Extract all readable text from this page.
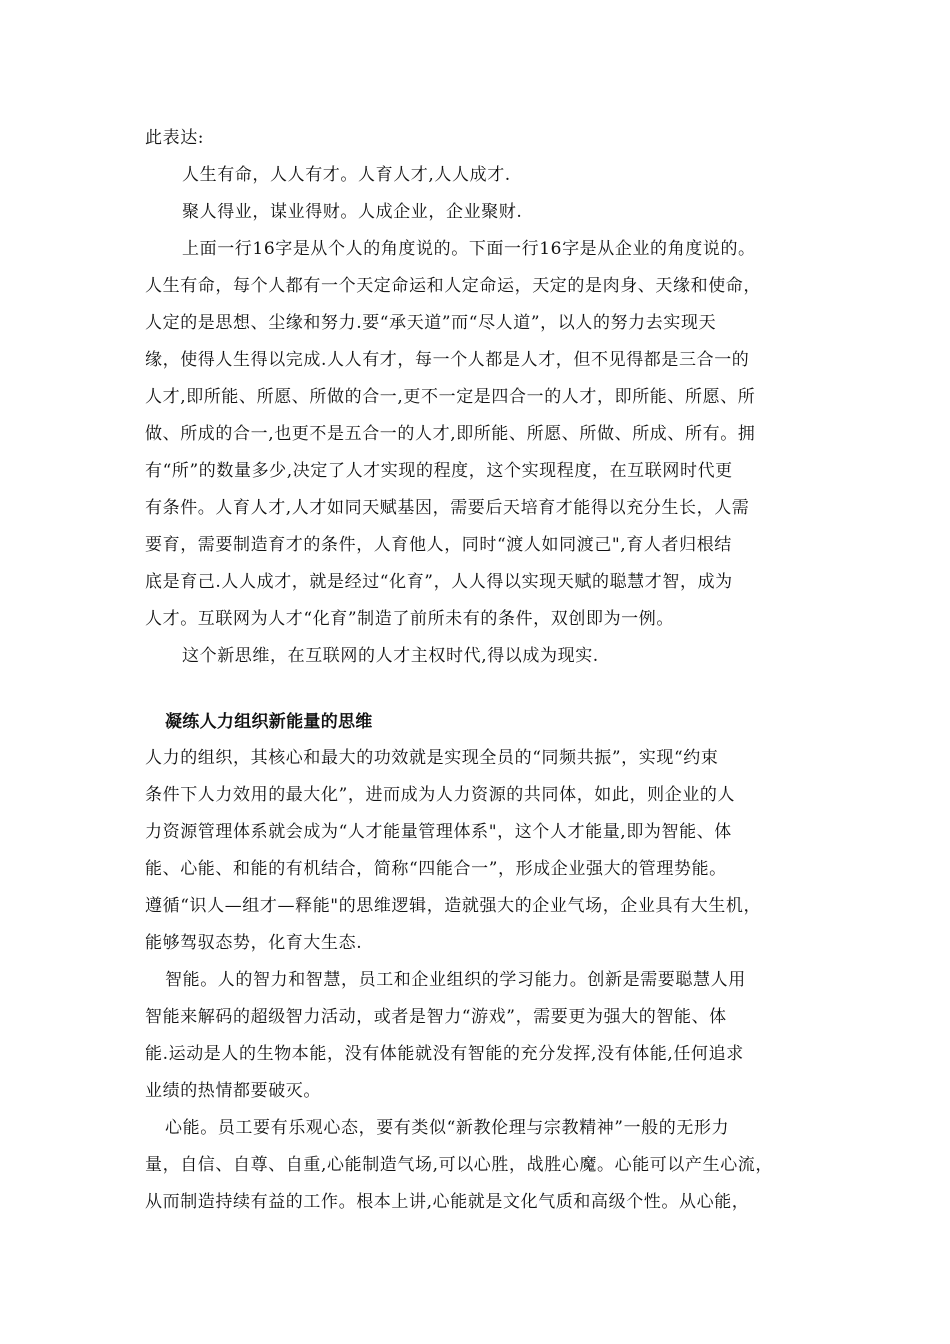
此表达:
人生有命，人人有才。人育人才,人人成才.
聚人得业，谋业得财。人成企业，企业聚财.
上面一行16字是从个人的角度说的。下面一行16字是从企业的角度说的。
人生有命，每个人都有一个天定命运和人定命运，天定的是肉身、天缘和使命，
人定的是思想、尘缘和努力.要“承天道”而“尽人道”，以人的努力去实现天
缘，使得人生得以完成.人人有才，每一个人都是人才，但不见得都是三合一的
人才,即所能、所愿、所做的合一,更不一定是四合一的人才，即所能、所愿、所
做、所成的合一,也更不是五合一的人才,即所能、所愿、所做、所成、所有。拥
有“所”的数量多少,决定了人才实现的程度，这个实现程度，在互联网时代更
有条件。人育人才,人才如同天赋基因，需要后天培育才能得以充分生长，人需
要育，需要制造育才的条件，人育他人，同时“渡人如同渡己",育人者归根结
底是育己.人人成才，就是经过“化育”，人人得以实现天赋的聪慧才智，成为
人才。互联网为人才“化育”制造了前所未有的条件，双创即为一例。
这个新思维，在互联网的人才主权时代,得以成为现实.
凝练人力组织新能量的思维
人力的组织，其核心和最大的功效就是实现全员的“同频共振”，实现“约束
条件下人力效用的最大化”，进而成为人力资源的共同体，如此，则企业的人
力资源管理体系就会成为“人才能量管理体系"，这个人才能量,即为智能、体
能、心能、和能的有机结合，简称“四能合一”，形成企业强大的管理势能。
遵循“识人—组才—释能"的思维逻辑，造就强大的企业气场，企业具有大生机，
能够驾驭态势，化育大生态.
智能。人的智力和智慧，员工和企业组织的学习能力。创新是需要聪慧人用
智能来解码的超级智力活动，或者是智力“游戏”，需要更为强大的智能、体
能.运动是人的生物本能，没有体能就没有智能的充分发挥,没有体能,任何追求
业绩的热情都要破灭。
心能。员工要有乐观心态，要有类似“新教伦理与宗教精神”一般的无形力
量，自信、自尊、自重,心能制造气场,可以心胜，战胜心魔。心能可以产生心流，
从而制造持续有益的工作。根本上讲,心能就是文化气质和高级个性。从心能，
